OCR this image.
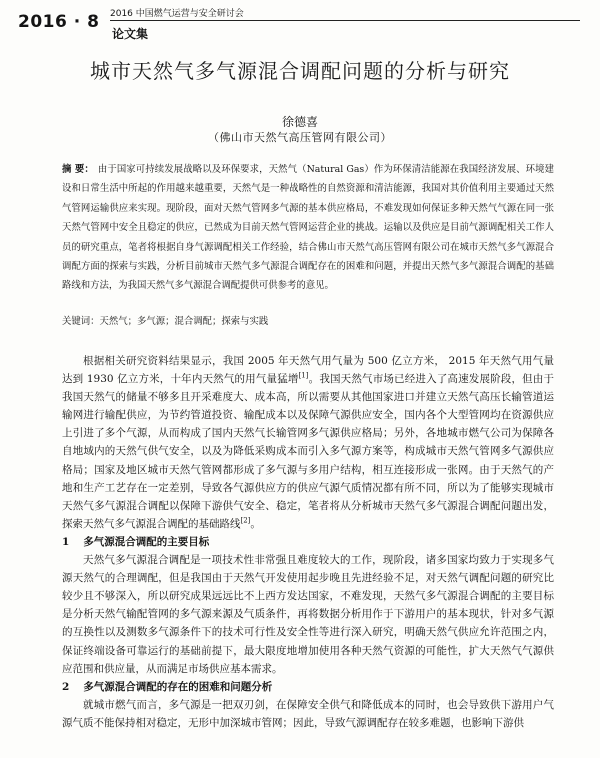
2016 · 8 2016 中国燃气运营与安全研讨会
论文集
城市天然气多气源混合调配问题的分析与研究
徐德喜
（佛山市天然气高压管网有限公司）
摘 要： 由于国家可持续发展战略以及环保要求，天然气（Natural Gas）作为环保清洁能源在我国经济发展、环境建设和日常生活中所起的作用越来越重要，天然气是一种战略性的自然资源和清洁能源，我国对其价值利用主要通过天然气管网运输供应来实现。现阶段，面对天然气管网多气源的基本供应格局，不难发现如何保证多种天然气气源在同一张天然气管网中安全且稳定的供应，已然成为目前天然气管网运营企业的挑战。运输以及供应是目前气源调配相关工作人员的研究重点，笔者将根据自身气源调配相关工作经验，结合佛山市天然气高压管网有限公司在城市天然气多气源混合调配方面的探索与实践，分析目前城市天然气多气源混合调配存在的困难和问题，并提出天然气多气源混合调配的基础路线和方法，为我国天然气多气源混合调配提供可供参考的意见。
关键词：天然气；多气源；混合调配；探索与实践

根据相关研究资料结果显示，我国 2005 年天然气用气量为 500 亿立方米， 2015 年天然气用气量达到 1930 亿立方米，十年内天然气的用气量猛增[1]。我国天然气市场已经进入了高速发展阶段，但由于我国天然气的储量不够多且开采难度大、成本高，所以需要从其他国家进口并建立天然气高压长输管道运输网进行输配供应，为节约管道投资、输配成本以及保障气源供应安全，国内各个大型管网均在资源供应上引进了多个气源，从而构成了国内天然气长输管网多气源供应格局；另外，各地城市燃气公司为保障各自地域内的天然气供气安全，以及为降低采购成本而引入多气源方案等，构成城市天然气管网多气源供应格局；国家及地区城市天然气管网都形成了多气源与多用户结构，相互连接形成一张网。由于天然气的产地和生产工艺存在一定差别，导致各气源供应方的供应气源气质情况都有所不同，所以为了能够实现城市天然气多气源混合调配以保障下游供气安全、稳定，笔者将从分析城市天然气多气源混合调配问题出发，探索天然气多气源混合调配的基础路线[2]。

1 多气源混合调配的主要目标

天然气多气源混合调配是一项技术性非常强且难度较大的工作，现阶段，诸多国家均致力于实现多气源天然气的合理调配，但是我国由于天然气开发使用起步晚且先进经验不足，对天然气调配问题的研究比较少且不够深入，所以研究成果远远比不上西方发达国家，不难发现，天然气多气源混合调配的主要目标是分析天然气输配管网的多气源来源及气质条件，再将数据分析用作于下游用户的基本现状，针对多气源的互换性以及测数多气源条件下的技术可行性及安全性等进行深入研究，明确天然气供应允许范围之内，保证终端设备可靠运行的基础前提下，最大限度地增加使用各种天然气资源的可能性，扩大天然气气源供应范围和供应量，从而满足市场供应基本需求。

2 多气源混合调配的存在的困难和问题分析

就城市燃气而言，多气源是一把双刃剑，在保障安全供气和降低成本的同时，也会导致供下游用户气源气质不能保持相对稳定，无形中加深城市管网；因此，导致气源调配存在较多难题，也影响下游供
